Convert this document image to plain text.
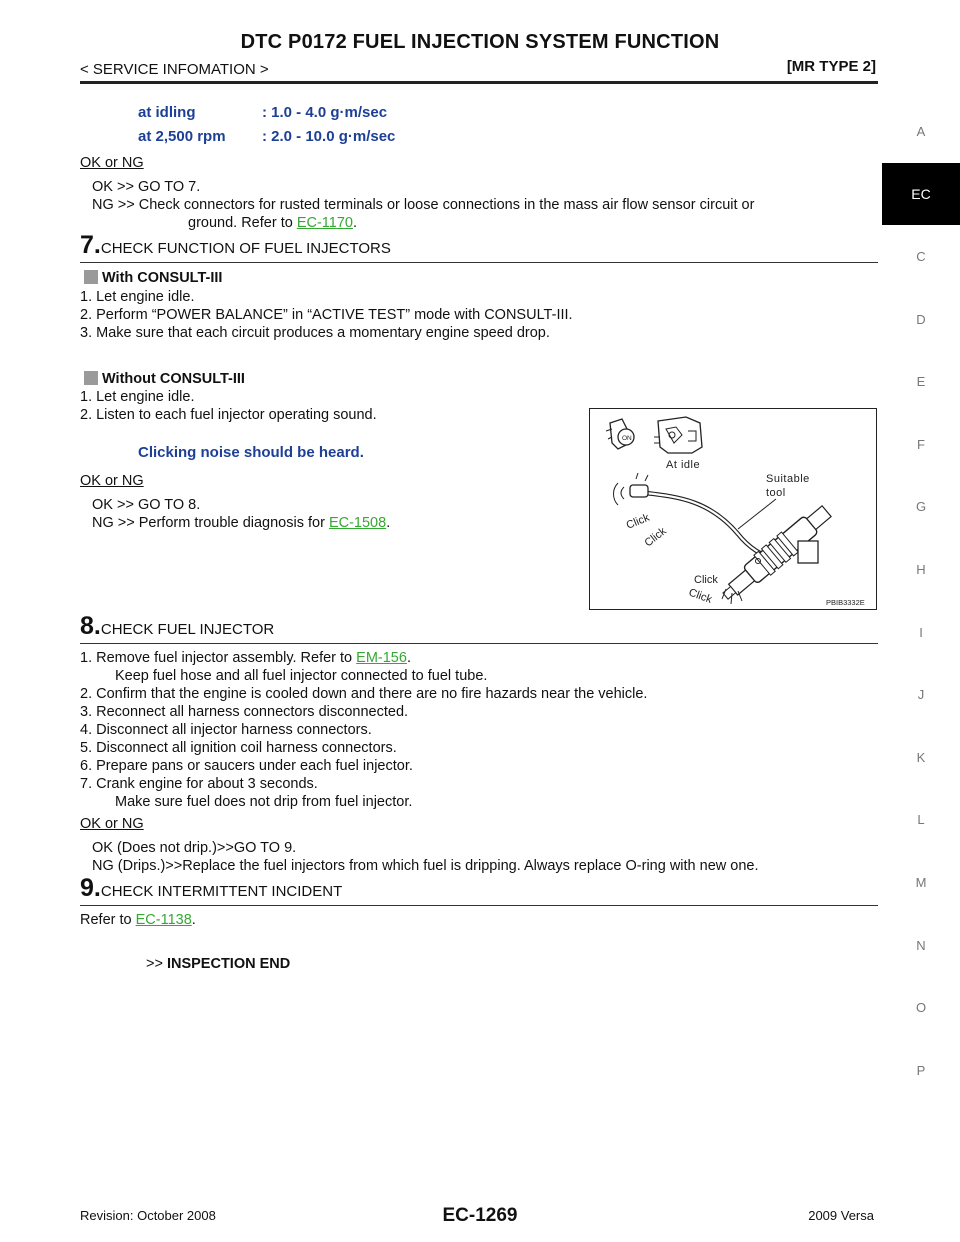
DTC P0172 FUEL INJECTION SYSTEM FUNCTION
< SERVICE INFOMATION >	[MR TYPE 2]
A
EC
C
D
E
F
G
H
I
J
K
L
M
N
O
P
at idling	: 1.0 - 4.0 g·m/sec
at 2,500 rpm : 2.0 - 10.0 g·m/sec
OK or NG
OK >> GO TO 7.
NG >> Check connectors for rusted terminals or loose connections in the mass air flow sensor circuit or
ground. Refer to EC-1170.
7.CHECK FUNCTION OF FUEL INJECTORS
With CONSULT-III
1. Let engine idle.
2. Perform “POWER BALANCE” in “ACTIVE TEST” mode with CONSULT-III.
3. Make sure that each circuit produces a momentary engine speed drop.
Without CONSULT-III
1. Let engine idle.
2. Listen to each fuel injector operating sound.
Clicking noise should be heard.
OK or NG
OK >> GO TO 8.
NG >> Perform trouble diagnosis for EC-1508.
ON
At idle
Suitable
tool
Click
Click
Click
Click	PBIB3332E
8.CHECK FUEL INJECTOR
1. Remove fuel injector assembly. Refer to EM-156.
Keep fuel hose and all fuel injector connected to fuel tube.
2. Confirm that the engine is cooled down and there are no fire hazards near the vehicle.
3. Reconnect all harness connectors disconnected.
4. Disconnect all injector harness connectors.
5. Disconnect all ignition coil harness connectors.
6. Prepare pans or saucers under each fuel injector.
7. Crank engine for about 3 seconds.
Make sure fuel does not drip from fuel injector.
OK or NG
OK (Does not drip.)>>GO TO 9.
NG (Drips.)>>Replace the fuel injectors from which fuel is dripping. Always replace O-ring with new one.
9.CHECK INTERMITTENT INCIDENT
Refer to EC-1138.
>> INSPECTION END
Revision: October 2008	EC-1269	2009 Versa
